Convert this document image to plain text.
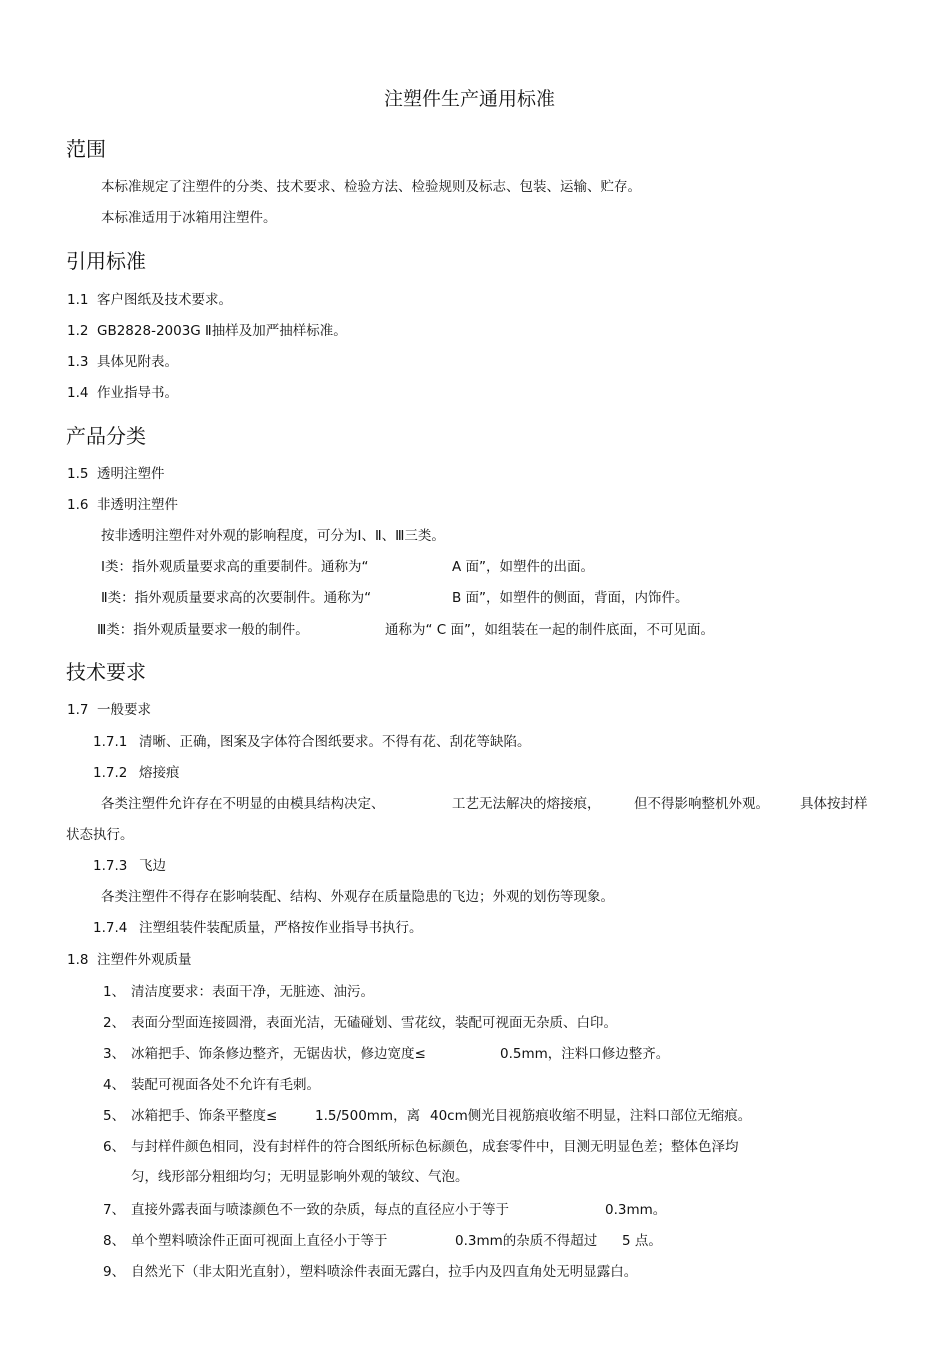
注塑件生产通用标准
范围
本标准规定了注塑件的分类、技术要求、检验方法、检验规则及标志、包装、运输、贮存。
本标准适用于冰箱用注塑件。
引用标准
1.1 客户图纸及技术要求。
1.2 GB2828-2003G Ⅱ抽样及加严抽样标准。
1.3 具体见附表。
1.4 作业指导书。
产品分类
1.5 透明注塑件
1.6 非透明注塑件
按非透明注塑件对外观的影响程度，可分为Ⅰ、Ⅱ、Ⅲ三类。
Ⅰ类：指外观质量要求高的重要制件。通称为“	A 面”，如塑件的出面。
Ⅱ类：指外观质量要求高的次要制件。通称为“	B 面”，如塑件的侧面，背面，内饰件。
Ⅲ类：指外观质量要求一般的制件。	通称为“ C 面”，如组装在一起的制件底面，不可见面。
技术要求
1.7 一般要求
1.7.1 清晰、正确，图案及字体符合图纸要求。不得有花、刮花等缺陷。
1.7.2 熔接痕
各类注塑件允许存在不明显的由模具结构决定、	工艺无法解决的熔接痕， 但不得影响整机外观。 具体按封样
状态执行。
1.7.3 飞边
各类注塑件不得存在影响装配、结构、外观存在质量隐患的飞边；外观的划伤等现象。
1.7.4 注塑组装件装配质量，严格按作业指导书执行。
1.8 注塑件外观质量
1、 清洁度要求：表面干净，无脏迹、油污。
2、 表面分型面连接圆滑，表面光洁，无磕碰划、雪花纹，装配可视面无杂质、白印。
3、 冰箱把手、饰条修边整齐，无锯齿状，修边宽度≤	0.5mm，注料口修边整齐。
4、 装配可视面各处不允许有毛刺。
5、 冰箱把手、饰条平整度≤	1.5/500mm，离 40cm侧光目视筋痕收缩不明显，注料口部位无缩痕。
6、 与封样件颜色相同，没有封样件的符合图纸所标色标颜色，成套零件中，目测无明显色差；整体色泽均
匀，线形部分粗细均匀；无明显影响外观的皱纹、气泡。
7、 直接外露表面与喷漆颜色不一致的杂质，每点的直径应小于等于	0.3mm。
8、 单个塑料喷涂件正面可视面上直径小于等于	0.3mm的杂质不得超过 5 点。
9、 自然光下（非太阳光直射），塑料喷涂件表面无露白，拉手内及四直角处无明显露白。
